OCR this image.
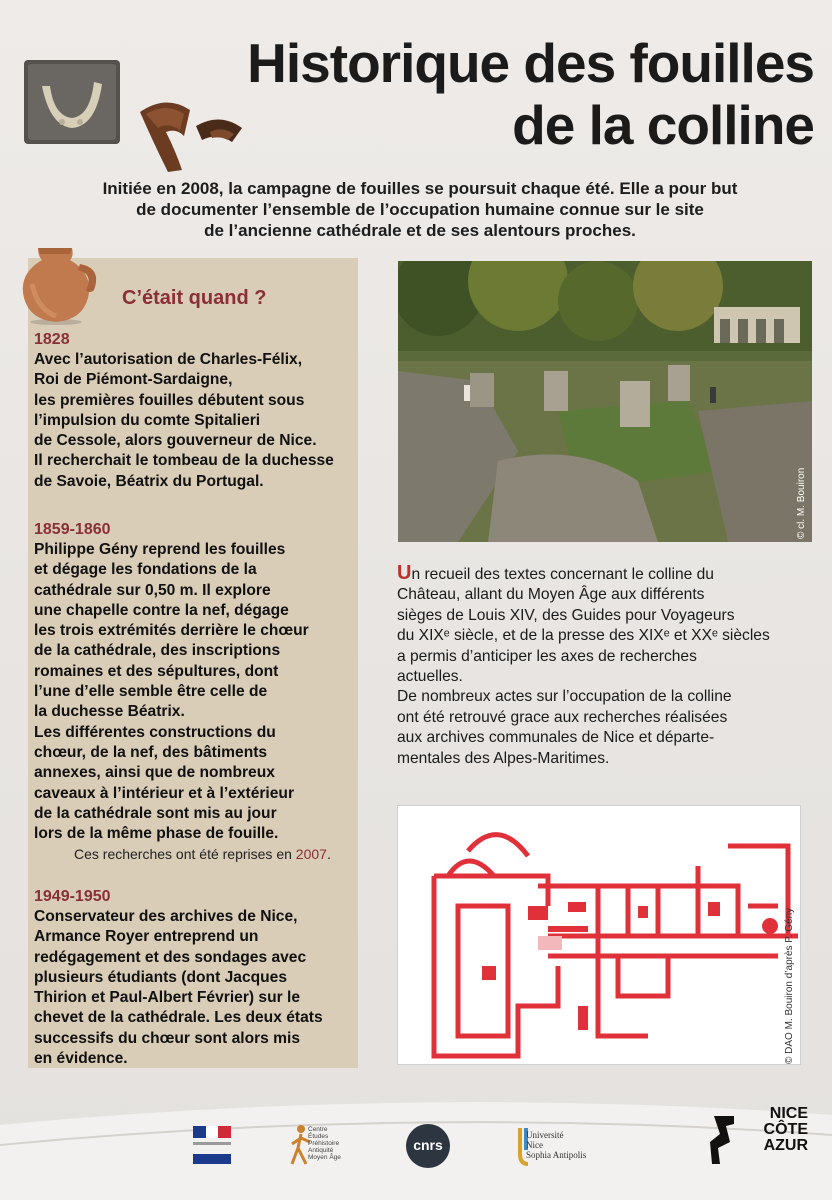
Historique des fouilles
de la colline
Initiée en 2008, la campagne de fouilles se poursuit chaque été. Elle a pour but
de documenter l’ensemble de l’occupation humaine connue sur le site
de l’ancienne cathédrale et de ses alentours proches.
C’était quand ?
1828
Avec l’autorisation de Charles-Félix,
Roi de Piémont-Sardaigne,
les premières fouilles débutent sous
l’impulsion du comte Spitalieri
de Cessole, alors gouverneur de Nice.
Il recherchait le tombeau de la duchesse
de Savoie, Béatrix du Portugal.
1859-1860
Philippe Gény reprend les fouilles
et dégage les fondations de la
cathédrale sur 0,50 m. Il explore
une chapelle contre la nef, dégage
les trois extrémités derrière le chœur
de la cathédrale, des inscriptions
romaines et des sépultures, dont
l’une d’elle semble être celle de
la duchesse Béatrix.
Les différentes constructions du
chœur, de la nef, des bâtiments
annexes, ainsi que de nombreux
caveaux à l’intérieur et à l’extérieur
de la cathédrale sont mis au jour
lors de la même phase de fouille.
Ces recherches ont été reprises en 2007.
1949-1950
Conservateur des archives de Nice,
Armance Royer entreprend un
redégagement et des sondages avec
plusieurs étudiants (dont Jacques
Thirion et Paul-Albert Février) sur le
chevet de la cathédrale. Les deux états
successifs du chœur sont alors mis
en évidence.
© cl. M. Bouiron
Un recueil des textes concernant le colline du
Château, allant du Moyen Âge aux différents
sièges de Louis XIV, des Guides pour Voyageurs
du XIXᵉ siècle, et de la presse des XIXᵉ et XXᵉ siècles
a permis d’anticiper les axes de recherches
actuelles.
De nombreux actes sur l’occupation de la colline
ont été retrouvé grace aux recherches réalisées
aux archives communales de Nice et départe-
mentales des Alpes-Maritimes.
© DAO M. Bouiron d’après P. Gény
Centre
Études
Préhistoire
Antiquité
Moyen Âge
cnrs
Université
Nice
Sophia Antipolis
NICE
CÔTE
AZUR
